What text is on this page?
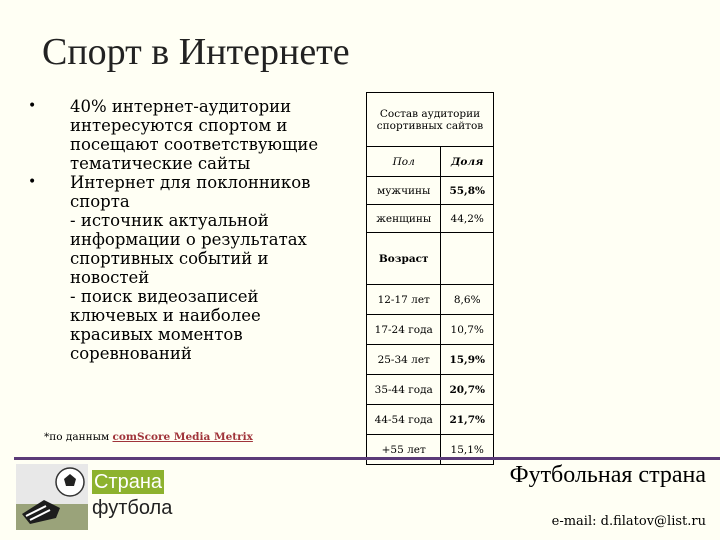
Спорт в Интернете
• 40% интернет-аудитории интересуются спортом и посещают соответствующие тематические сайты
• Интернет для поклонников спорта
- источник актуальной информации о результатах спортивных событий и новостей
- поиск видеозаписей ключевых и наиболее красивых моментов соревнований
*по данным comScore Media Metrix
Состав аудитории спортивных сайтов	
Пол	Доля
мужчины	55,8%
женщины	44,2%
Возраст	
12-17 лет	8,6%
17-24 года	10,7%
25-34 лет	15,9%
35-44 года	20,7%
44-54 года	21,7%
+55 лет	15,1%
Страна
футбола
Футбольная страна
e-mail: d.filatov@list.ru
